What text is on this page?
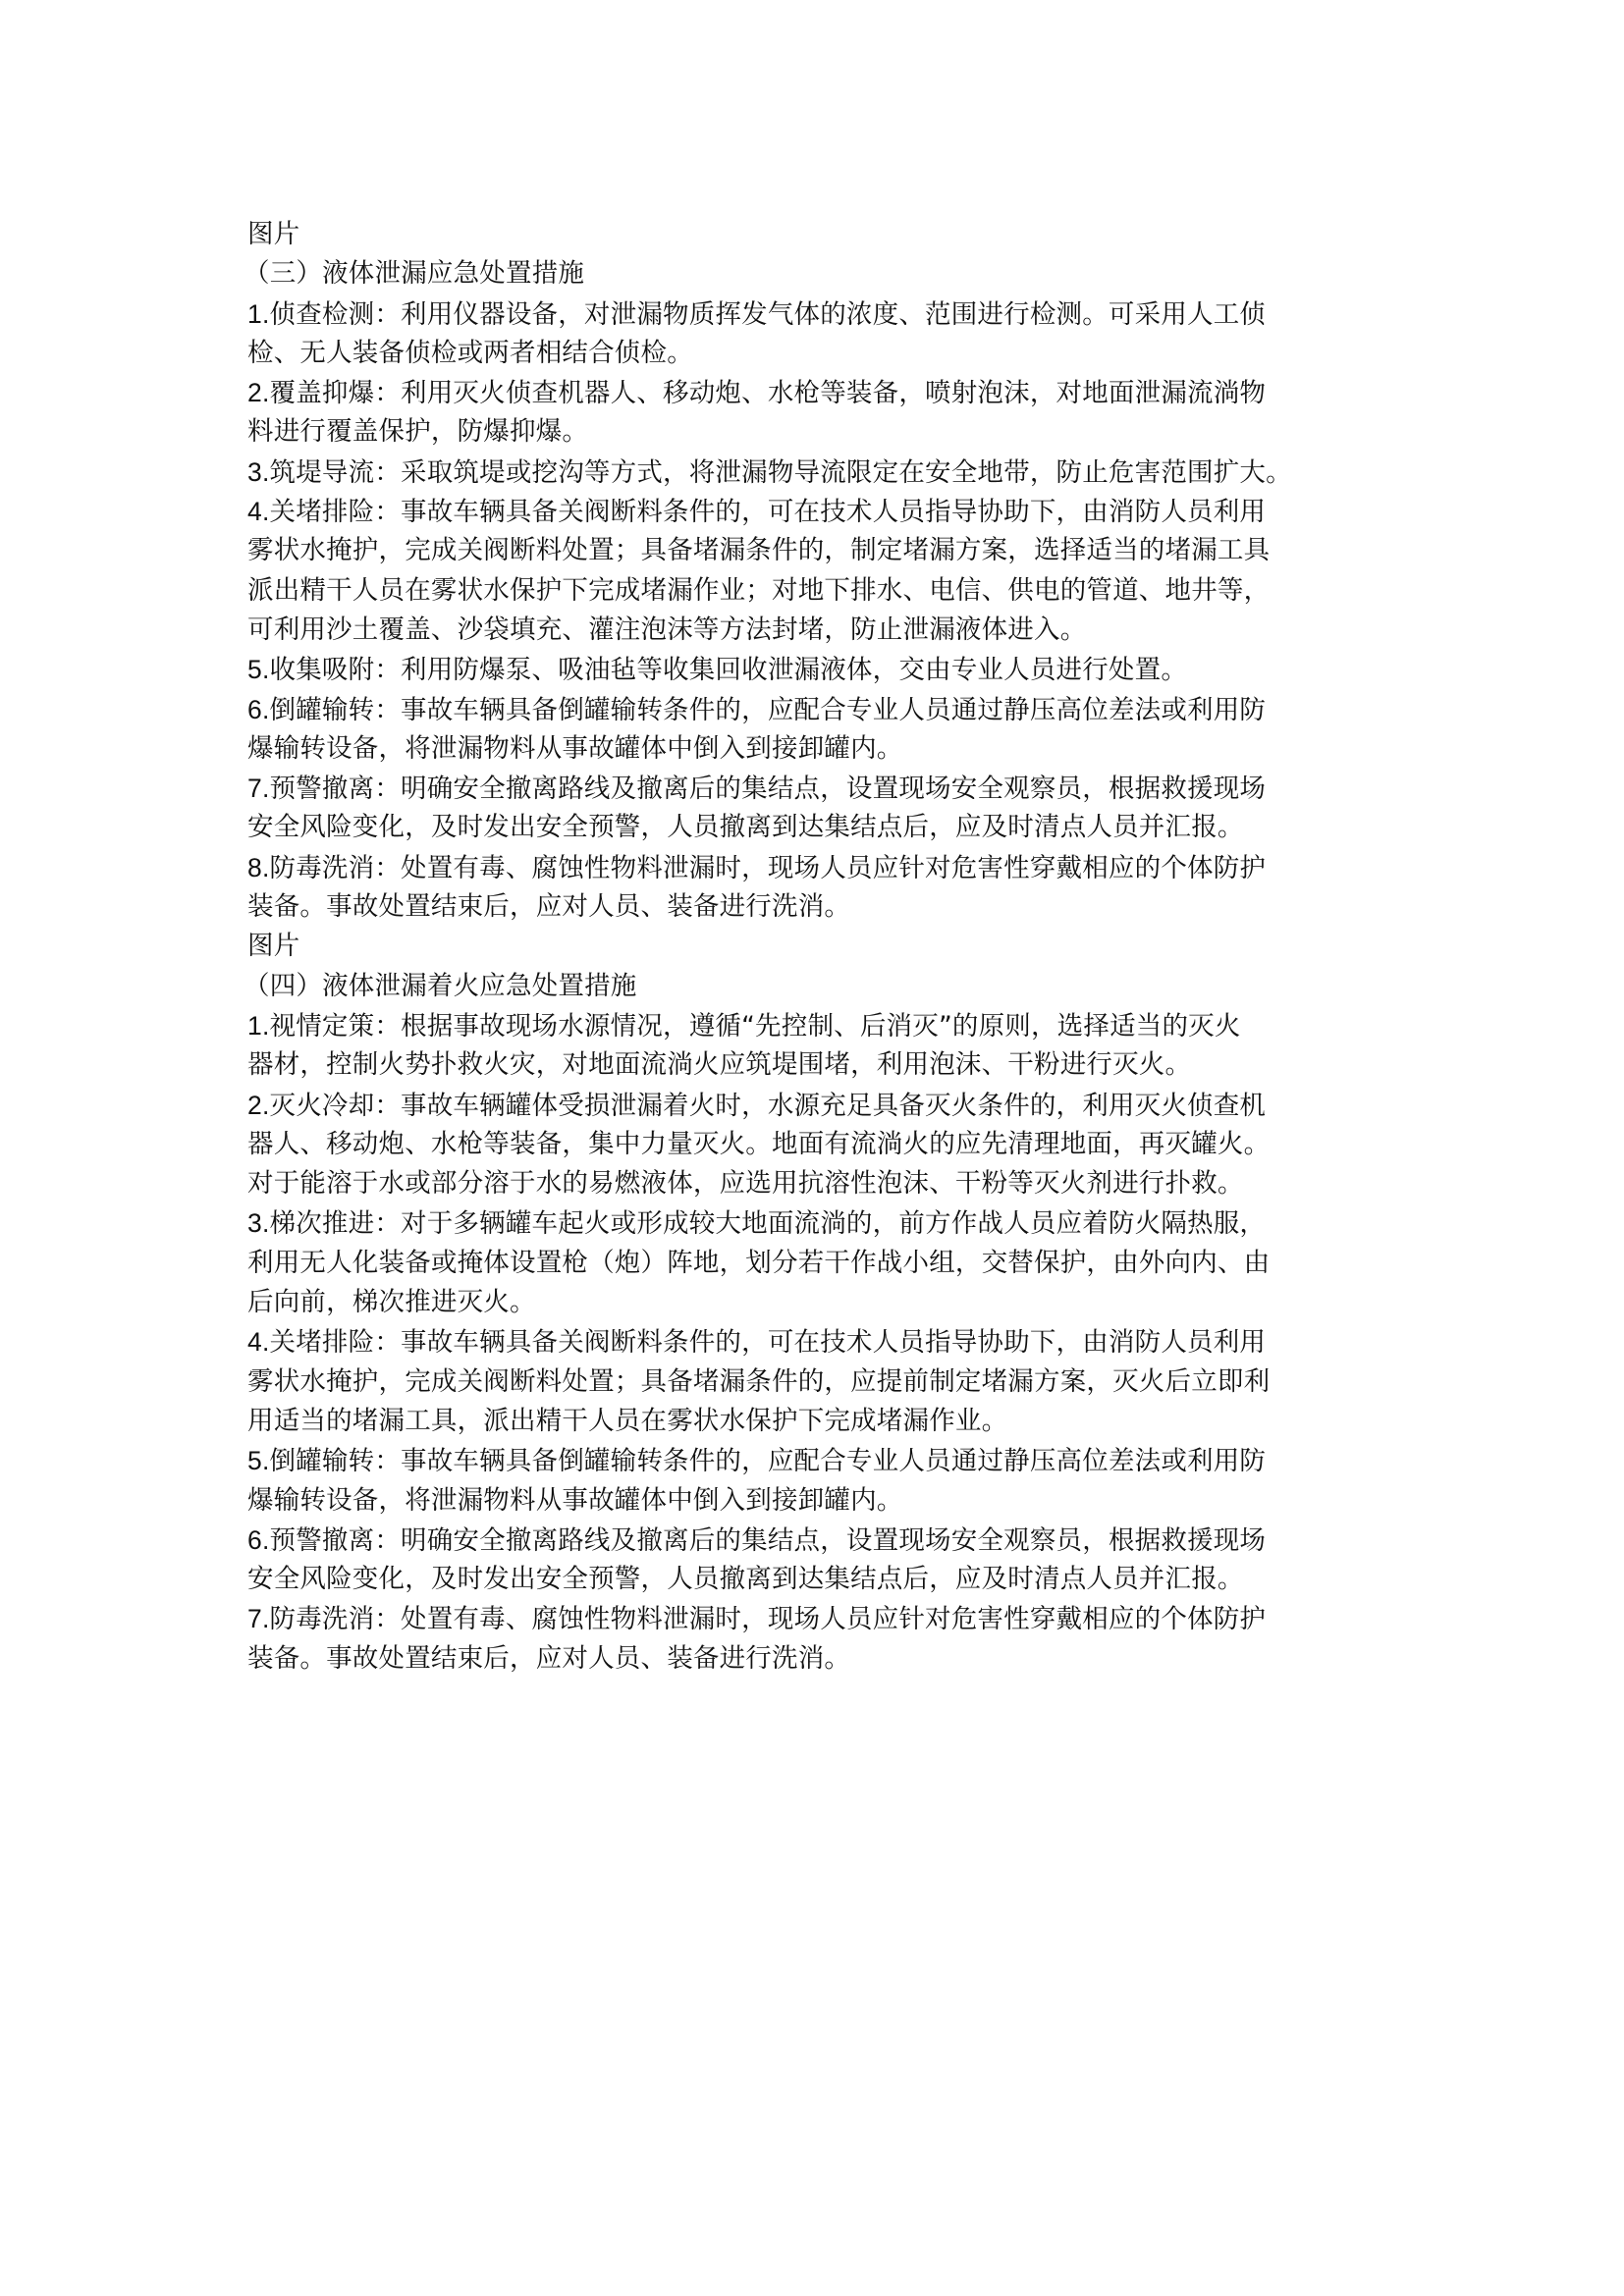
图片
（三）液体泄漏应急处置措施
1.侦查检测：利用仪器设备，对泄漏物质挥发气体的浓度、范围进行检测。可采用人工侦
检、无人装备侦检或两者相结合侦检。
2.覆盖抑爆：利用灭火侦查机器人、移动炮、水枪等装备，喷射泡沫，对地面泄漏流淌物
料进行覆盖保护，防爆抑爆。
3.筑堤导流：采取筑堤或挖沟等方式，将泄漏物导流限定在安全地带，防止危害范围扩大。
4.关堵排险：事故车辆具备关阀断料条件的，可在技术人员指导协助下，由消防人员利用
雾状水掩护，完成关阀断料处置；具备堵漏条件的，制定堵漏方案，选择适当的堵漏工具
派出精干人员在雾状水保护下完成堵漏作业；对地下排水、电信、供电的管道、地井等，
可利用沙土覆盖、沙袋填充、灌注泡沫等方法封堵，防止泄漏液体进入。
5.收集吸附：利用防爆泵、吸油毡等收集回收泄漏液体，交由专业人员进行处置。
6.倒罐输转：事故车辆具备倒罐输转条件的，应配合专业人员通过静压高位差法或利用防
爆输转设备，将泄漏物料从事故罐体中倒入到接卸罐内。
7.预警撤离：明确安全撤离路线及撤离后的集结点，设置现场安全观察员，根据救援现场
安全风险变化，及时发出安全预警，人员撤离到达集结点后，应及时清点人员并汇报。
8.防毒洗消：处置有毒、腐蚀性物料泄漏时，现场人员应针对危害性穿戴相应的个体防护
装备。事故处置结束后，应对人员、装备进行洗消。
图片
（四）液体泄漏着火应急处置措施
1.视情定策：根据事故现场水源情况，遵循“先控制、后消灭”的原则，选择适当的灭火
器材，控制火势扑救火灾，对地面流淌火应筑堤围堵，利用泡沫、干粉进行灭火。
2.灭火冷却：事故车辆罐体受损泄漏着火时，水源充足具备灭火条件的，利用灭火侦查机
器人、移动炮、水枪等装备，集中力量灭火。地面有流淌火的应先清理地面，再灭罐火。
对于能溶于水或部分溶于水的易燃液体，应选用抗溶性泡沫、干粉等灭火剂进行扑救。
3.梯次推进：对于多辆罐车起火或形成较大地面流淌的，前方作战人员应着防火隔热服，
利用无人化装备或掩体设置枪（炮）阵地，划分若干作战小组，交替保护，由外向内、由
后向前，梯次推进灭火。
4.关堵排险：事故车辆具备关阀断料条件的，可在技术人员指导协助下，由消防人员利用
雾状水掩护，完成关阀断料处置；具备堵漏条件的，应提前制定堵漏方案，灭火后立即利
用适当的堵漏工具，派出精干人员在雾状水保护下完成堵漏作业。
5.倒罐输转：事故车辆具备倒罐输转条件的，应配合专业人员通过静压高位差法或利用防
爆输转设备，将泄漏物料从事故罐体中倒入到接卸罐内。
6.预警撤离：明确安全撤离路线及撤离后的集结点，设置现场安全观察员，根据救援现场
安全风险变化，及时发出安全预警，人员撤离到达集结点后，应及时清点人员并汇报。
7.防毒洗消：处置有毒、腐蚀性物料泄漏时，现场人员应针对危害性穿戴相应的个体防护
装备。事故处置结束后，应对人员、装备进行洗消。
